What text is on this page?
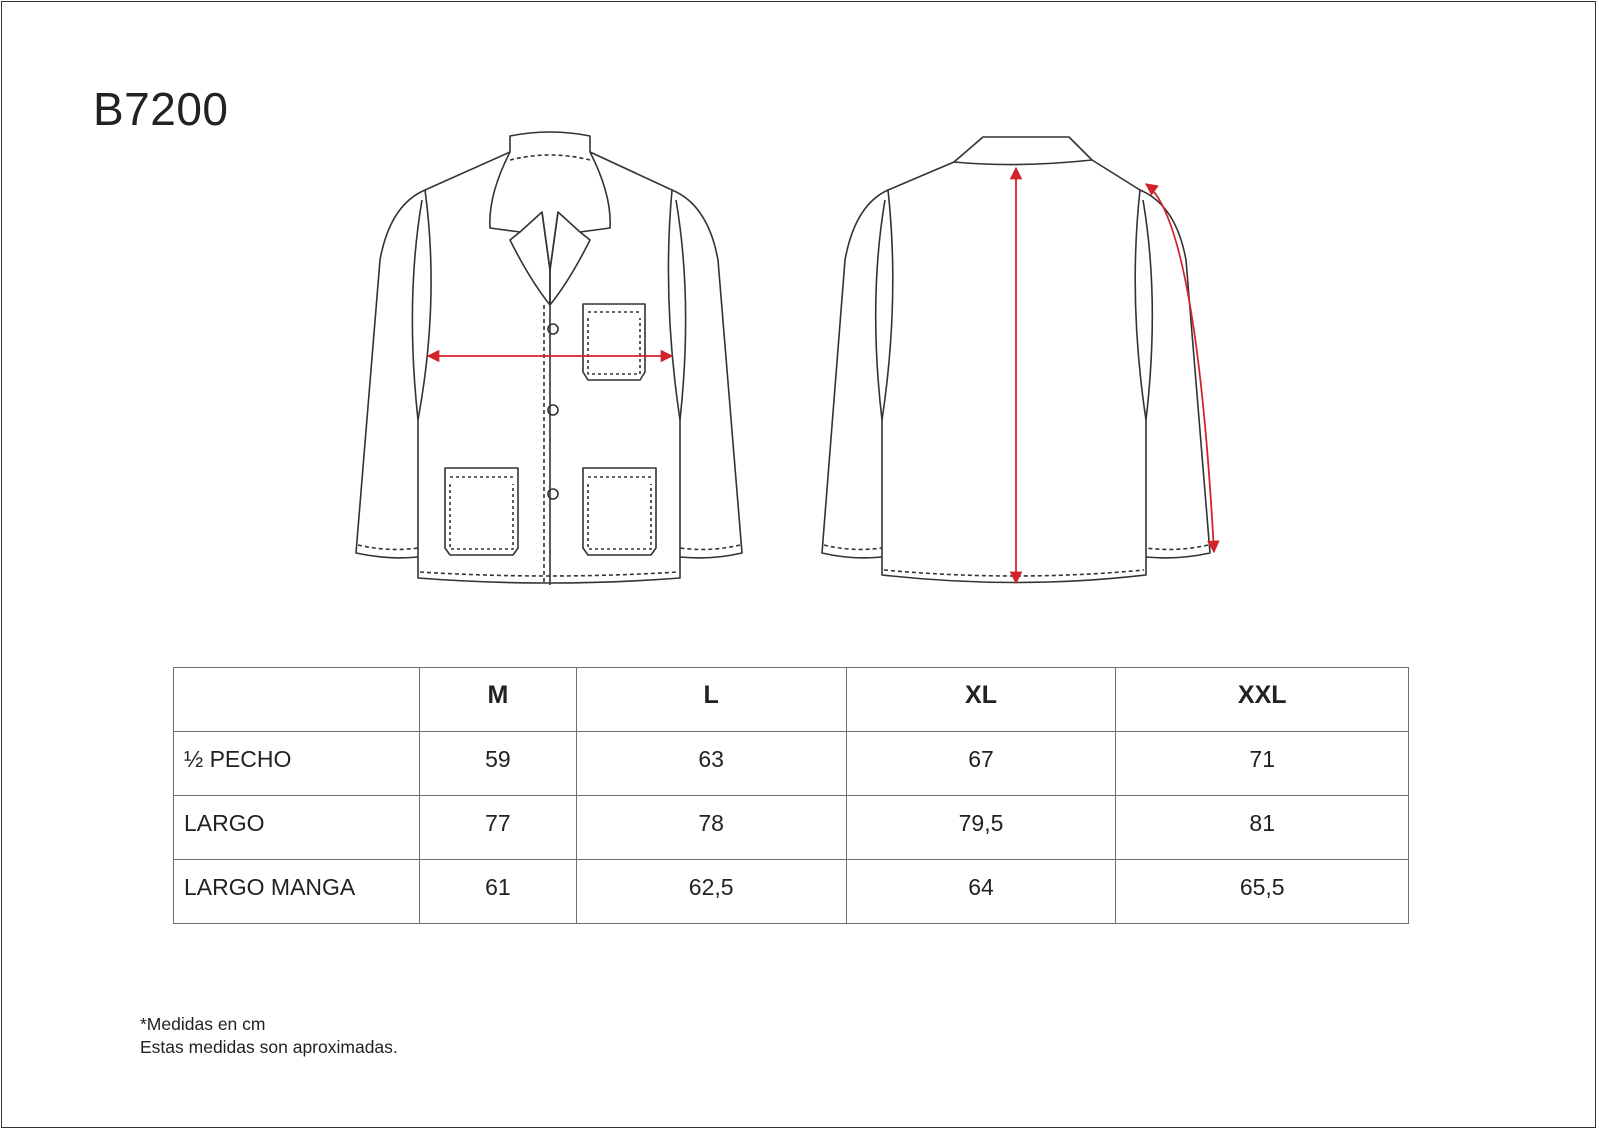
B7200
	M	L	XL	XXL
½ PECHO	59	63	67	71
LARGO	77	78	79,5	81
LARGO MANGA	61	62,5	64	65,5
*Medidas en cm
Estas medidas son aproximadas.
